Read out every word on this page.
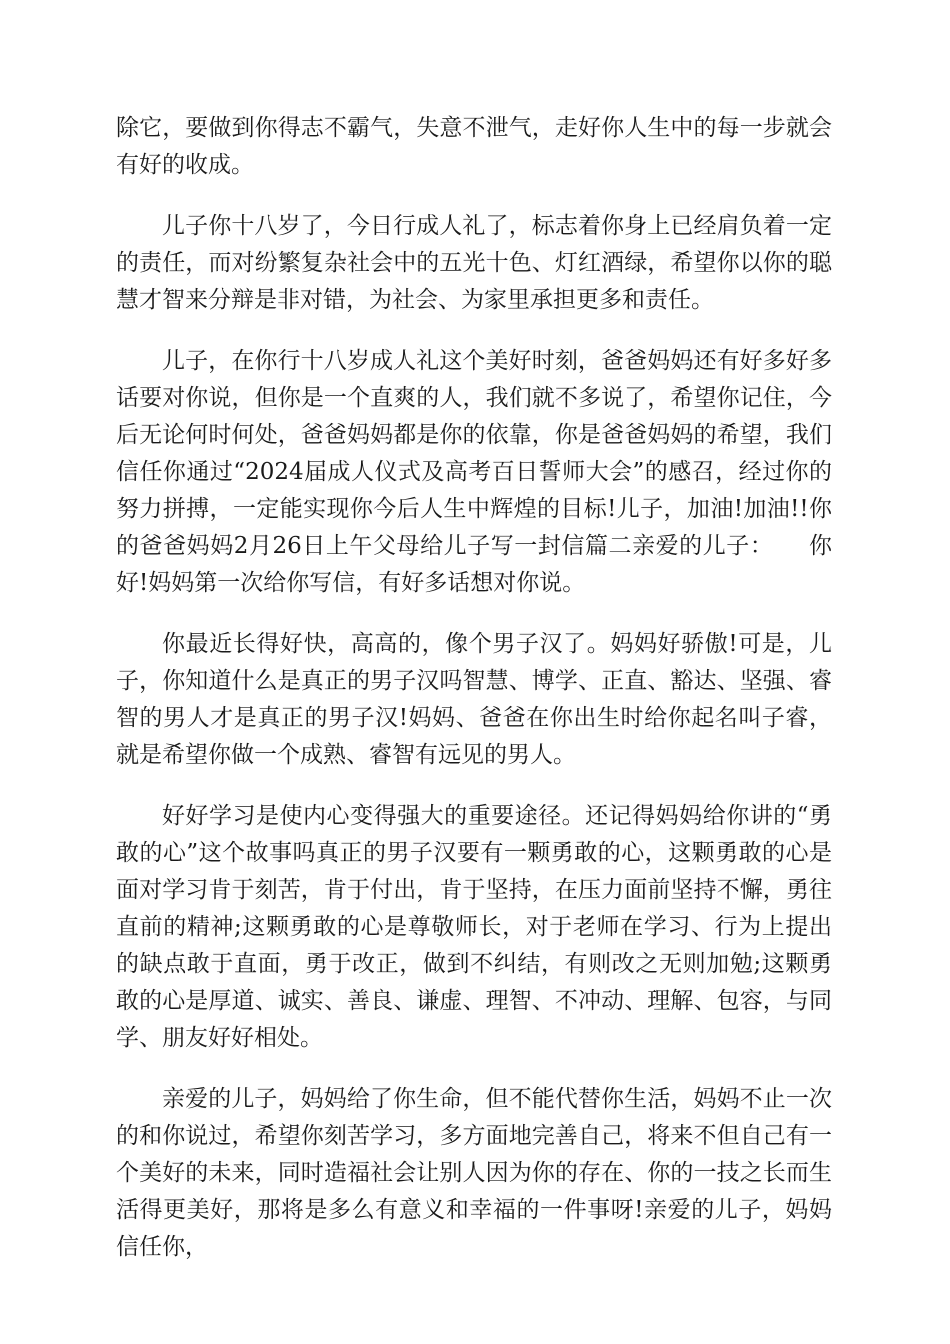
除它，要做到你得志不霸气，失意不泄气，走好你人生中的每一步就会有好的收成。

儿子你十八岁了，今日行成人礼了，标志着你身上已经肩负着一定的责任，而对纷繁复杂社会中的五光十色、灯红酒绿，希望你以你的聪慧才智来分辩是非对错，为社会、为家里承担更多和责任。

儿子，在你行十八岁成人礼这个美好时刻，爸爸妈妈还有好多好多话要对你说，但你是一个直爽的人，我们就不多说了，希望你记住，今后无论何时何处，爸爸妈妈都是你的依靠，你是爸爸妈妈的希望，我们信任你通过“2024届成人仪式及高考百日誓师大会”的感召，经过你的努力拼搏，一定能实现你今后人生中辉煌的目标!儿子，加油!加油!!你的爸爸妈妈2月26日上午父母给儿子写一封信篇二亲爱的儿子：　　你好!妈妈第一次给你写信，有好多话想对你说。

你最近长得好快，高高的，像个男子汉了。妈妈好骄傲!可是，儿子，你知道什么是真正的男子汉吗智慧、博学、正直、豁达、坚强、睿智的男人才是真正的男子汉!妈妈、爸爸在你出生时给你起名叫子睿，就是希望你做一个成熟、睿智有远见的男人。

好好学习是使内心变得强大的重要途径。还记得妈妈给你讲的“勇敢的心”这个故事吗真正的男子汉要有一颗勇敢的心，这颗勇敢的心是面对学习肯于刻苦，肯于付出，肯于坚持，在压力面前坚持不懈，勇往直前的精神;这颗勇敢的心是尊敬师长，对于老师在学习、行为上提出的缺点敢于直面，勇于改正，做到不纠结，有则改之无则加勉;这颗勇敢的心是厚道、诚实、善良、谦虚、理智、不冲动、理解、包容，与同学、朋友好好相处。

亲爱的儿子，妈妈给了你生命，但不能代替你生活，妈妈不止一次的和你说过，希望你刻苦学习，多方面地完善自己，将来不但自己有一个美好的未来，同时造福社会让别人因为你的存在、你的一技之长而生活得更美好，那将是多么有意义和幸福的一件事呀!亲爱的儿子，妈妈信任你，
